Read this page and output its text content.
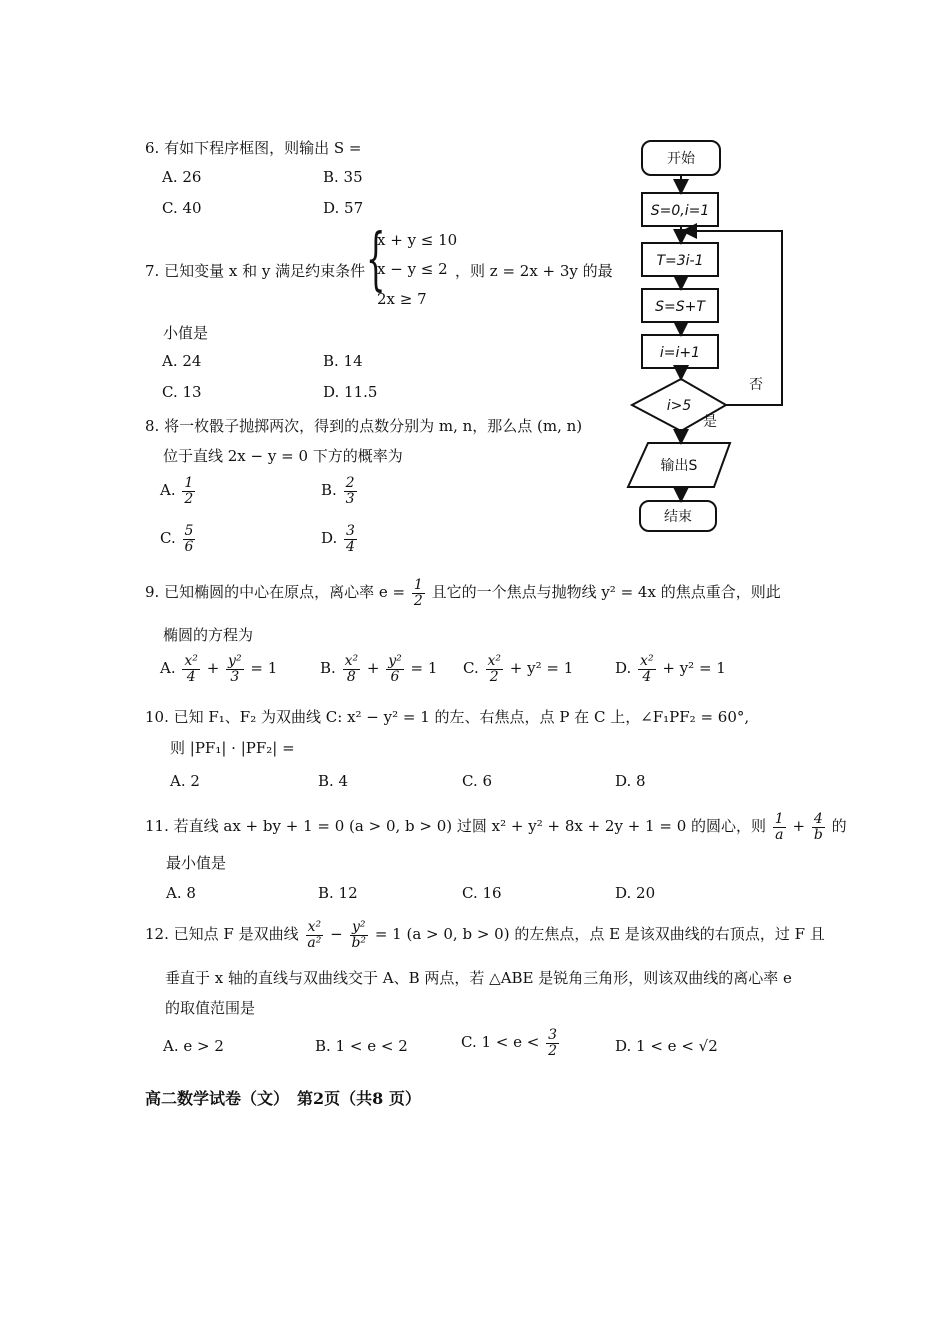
6. 有如下程序框图，则输出 S =
A. 26	B. 35
C. 40	D. 57
7. 已知变量 x 和 y 满足约束条件 {
x + y ≤ 10
x − y ≤ 2
2x ≥ 7
，则 z = 2x + 3y 的最
小值是
A. 24	B. 14
C. 13	D. 11.5
8. 将一枚骰子抛掷两次，得到的点数分别为 m, n，那么点 (m, n)
位于直线 2x − y = 0 下方的概率为
A. $\frac{1}{2}$	B. $\frac{2}{3}$
C. $\frac{5}{6}$	D. $\frac{3}{4}$
9. 已知椭圆的中心在原点，离心率 $e = \frac{1}{2}$ 且它的一个焦点与抛物线 y² = 4x 的焦点重合，则此
椭圆的方程为
A. $\frac{\text{x²}}{4} + \frac{\text{y²}}{3} = 1$	B. $\frac{\text{x²}}{8} + \frac{\text{y²}}{6} = 1$ C. $\frac{\text{x²}}{2} + y^2 = 1$	D. $\frac{\text{x²}}{4} + y^2 = 1$
10. 已知 F₁、F₂ 为双曲线 C: x² − y² = 1 的左、右焦点，点 P 在 C 上，∠F₁PF₂ = 60°,
则 |PF₁| · |PF₂| =
A. 2	B. 4	C. 6	D. 8
11. 若直线 ax + by + 1 = 0 (a > 0, b > 0) 过圆 x² + y² + 8x + 2y + 1 = 0 的圆心，则 $\frac{1}{a} + \frac{4}{b}$ 的
最小值是
A. 8	B. 12	C. 16	D. 20
12. 已知点 F 是双曲线 $\frac{\text{x²}}{\text{a²}} - \frac{\text{y²}}{\text{b²}} = 1$ (a > 0, b > 0) 的左焦点，点 E 是该双曲线的右顶点，过 F 且
垂直于 x 轴的直线与双曲线交于 A、B 两点，若 △ABE 是锐角三角形，则该双曲线的离心率 e
的取值范围是
A. e > 2	B. 1 < e < 2	C. $1 < e < \frac{3}{2}$	D. 1 < e < √2
高二数学试卷（文）　第2页（共8 页）
开始
S=0,i=1
T=3i-1
S=S+T
i=i+1
i>5
是
否
输出S
结束
